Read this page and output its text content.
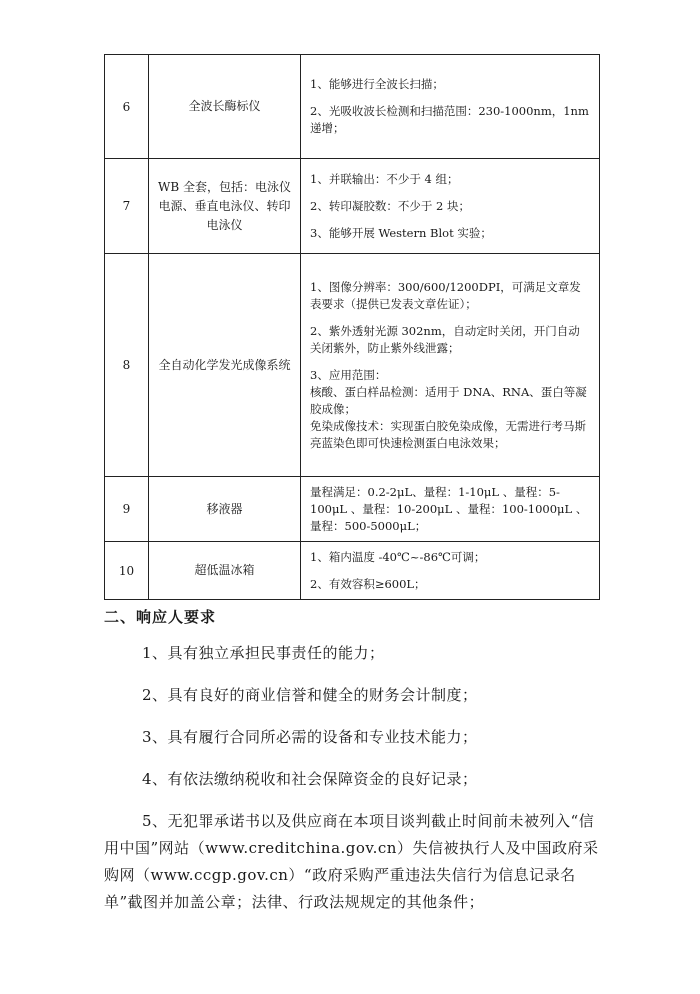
6	全波长酶标仪	1、能够进行全波长扫描；

2、光吸收波长检测和扫描范围：230-1000nm，1nm 递增；

7	WB 全套，包括：电泳仪电源、垂直电泳仪、转印电泳仪	1、并联输出：不少于 4 组；

2、转印凝胶数：不少于 2 块；

3、能够开展 Western Blot 实验；

8	全自动化学发光成像系统	1、图像分辨率：300/600/1200DPI，可满足文章发表要求（提供已发表文章佐证）；

2、紫外透射光源 302nm，自动定时关闭，开门自动关闭紫外，防止紫外线泄露；

3、应用范围：

核酸、蛋白样品检测：适用于 DNA、RNA、蛋白等凝胶成像；

免染成像技术：实现蛋白胶免染成像，无需进行考马斯亮蓝染色即可快速检测蛋白电泳效果；

9	移液器	量程满足：0.2-2μL、量程：1-10μL 、量程：5-100μL 、量程：10-200μL 、量程：100-1000μL 、量程：500-5000μL；

10	超低温冰箱	1、箱内温度 -40℃~-86℃可调；

2、有效容积≥600L；

二、响应人要求
1、具有独立承担民事责任的能力；
2、具有良好的商业信誉和健全的财务会计制度；
3、具有履行合同所必需的设备和专业技术能力；
4、有依法缴纳税收和社会保障资金的良好记录；
5、无犯罪承诺书以及供应商在本项目谈判截止时间前未被列入“信用中国”网站（www.creditchina.gov.cn）失信被执行人及中国政府采购网（www.ccgp.gov.cn）“政府采购严重违法失信行为信息记录名单”截图并加盖公章；法律、行政法规规定的其他条件；
